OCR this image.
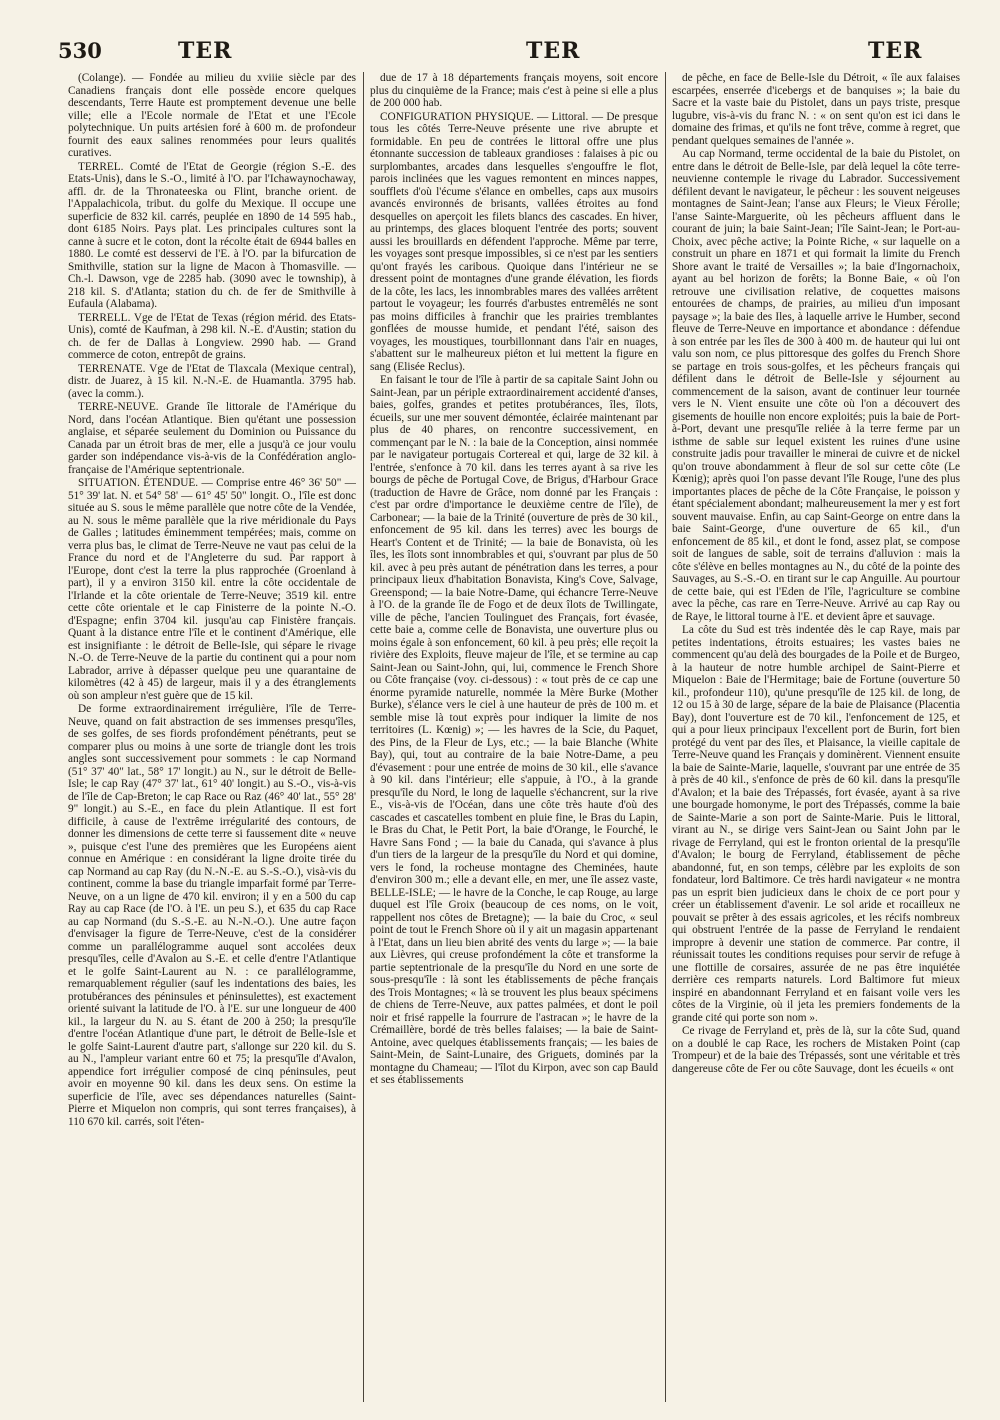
530	TER	TER	TER

(Colange). — Fondée au milieu du xviiie siècle par des Canadiens français dont elle possède encore quelques descendants, Terre Haute est promptement devenue une belle ville; elle a l'Ecole normale de l'Etat et une l'Ecole polytechnique. Un puits artésien foré à 600 m. de profondeur fournit des eaux salines renommées pour leurs qualités curatives.

TERREL. Comté de l'Etat de Georgie (région S.-E. des Etats-Unis), dans le S.-O., limité à l'O. par l'Ichawaynochaway, affl. dr. de la Thronateeska ou Flint, branche orient. de l'Appalachicola, tribut. du golfe du Mexique. Il occupe une superficie de 832 kil. carrés, peuplée en 1890 de 14 595 hab., dont 6185 Noirs. Pays plat. Les principales cultures sont la canne à sucre et le coton, dont la récolte était de 6944 balles en 1880. Le comté est desservi de l'E. à l'O. par la bifurcation de Smithville, station sur la ligne de Macon à Thomasville. — Ch.-l. Dawson, vge de 2285 hab. (3090 avec le township), à 218 kil. S. d'Atlanta; station du ch. de fer de Smithville à Eufaula (Alabama).

TERRELL. Vge de l'Etat de Texas (région mérid. des Etats-Unis), comté de Kaufman, à 298 kil. N.-E. d'Austin; station du ch. de fer de Dallas à Longview. 2990 hab. — Grand commerce de coton, entrepôt de grains.

TERRENATE. Vge de l'Etat de Tlaxcala (Mexique central), distr. de Juarez, à 15 kil. N.-N.-E. de Huamantla. 3795 hab. (avec la comm.).

TERRE-NEUVE. Grande île littorale de l'Amérique du Nord, dans l'océan Atlantique. Bien qu'étant une possession anglaise, et séparée seulement du Dominion ou Puissance du Canada par un étroit bras de mer, elle a jusqu'à ce jour voulu garder son indépendance vis-à-vis de la Confédération anglo-française de l'Amérique septentrionale.

SITUATION. ÉTENDUE. — Comprise entre 46° 36' 50" — 51° 39' lat. N. et 54° 58' — 61° 45' 50" longit. O., l'île est donc située au S. sous le même parallèle que notre côte de la Vendée, au N. sous le même parallèle que la rive méridionale du Pays de Galles ; latitudes éminemment tempérées; mais, comme on verra plus bas, le climat de Terre-Neuve ne vaut pas celui de la France du nord et de l'Angleterre du sud. Par rapport à l'Europe, dont c'est la terre la plus rapprochée (Groenland à part), il y a environ 3150 kil. entre la côte occidentale de l'Irlande et la côte orientale de Terre-Neuve; 3519 kil. entre cette côte orientale et le cap Finisterre de la pointe N.-O. d'Espagne; enfin 3704 kil. jusqu'au cap Finistère français. Quant à la distance entre l'île et le continent d'Amérique, elle est insignifiante : le détroit de Belle-Isle, qui sépare le rivage N.-O. de Terre-Neuve de la partie du continent qui a pour nom Labrador, arrive à dépasser quelque peu une quarantaine de kilomètres (42 à 45) de largeur, mais il y a des étranglements où son ampleur n'est guère que de 15 kil.

De forme extraordinairement irrégulière, l'île de Terre-Neuve, quand on fait abstraction de ses immenses presqu'îles, de ses golfes, de ses fiords profondément pénétrants, peut se comparer plus ou moins à une sorte de triangle dont les trois angles sont successivement pour sommets : le cap Normand (51° 37' 40" lat., 58° 17' longit.) au N., sur le détroit de Belle-Isle; le cap Ray (47° 37' lat., 61° 40' longit.) au S.-O., vis-à-vis de l'île de Cap-Breton; le cap Race ou Raz (46° 40' lat., 55° 28' 9" longit.) au S.-E., en face du plein Atlantique. Il est fort difficile, à cause de l'extrême irrégularité des contours, de donner les dimensions de cette terre si faussement dite « neuve », puisque c'est l'une des premières que les Européens aient connue en Amérique : en considérant la ligne droite tirée du cap Normand au cap Ray (du N.-N.-E. au S.-S.-O.), visà-vis du continent, comme la base du triangle imparfait formé par Terre-Neuve, on a un ligne de 470 kil. environ; il y en a 500 du cap Ray au cap Race (de l'O. à l'E. un peu S.), et 635 du cap Race au cap Normand (du S.-S.-E. au N.-N.-O.). Une autre façon d'envisager la figure de Terre-Neuve, c'est de la considérer comme un parallélogramme auquel sont accolées deux presqu'îles, celle d'Avalon au S.-E. et celle d'entre l'Atlantique et le golfe Saint-Laurent au N. : ce parallélogramme, remarquablement régulier (sauf les indentations des baies, les protubérances des péninsules et péninsulettes), est exactement orienté suivant la latitude de l'O. à l'E. sur une longueur de 400 kil., la largeur du N. au S. étant de 200 à 250; la presqu'île d'entre l'océan Atlantique d'une part, le détroit de Belle-Isle et le golfe Saint-Laurent d'autre part, s'allonge sur 220 kil. du S. au N., l'ampleur variant entre 60 et 75; la presqu'île d'Avalon, appendice fort irrégulier composé de cinq péninsules, peut avoir en moyenne 90 kil. dans les deux sens. On estime la superficie de l'île, avec ses dépendances naturelles (Saint-Pierre et Miquelon non compris, qui sont terres françaises), à 110 670 kil. carrés, soit l'éten-

due de 17 à 18 départements français moyens, soit encore plus du cinquième de la France; mais c'est à peine si elle a plus de 200 000 hab.

CONFIGURATION PHYSIQUE. — Littoral. — De presque tous les côtés Terre-Neuve présente une rive abrupte et formidable. En peu de contrées le littoral offre une plus étonnante succession de tableaux grandioses : falaises à pic ou surplombantes, arcades dans lesquelles s'engouffre le flot, parois inclinées que les vagues remontent en minces nappes, soufflets d'où l'écume s'élance en ombelles, caps aux musoirs avancés environnés de brisants, vallées étroites au fond desquelles on aperçoit les filets blancs des cascades. En hiver, au printemps, des glaces bloquent l'entrée des ports; souvent aussi les brouillards en défendent l'approche. Même par terre, les voyages sont presque impossibles, si ce n'est par les sentiers qu'ont frayés les caribous. Quoique dans l'intérieur ne se dressent point de montagnes d'une grande élévation, les fiords de la côte, les lacs, les innombrables mares des vallées arrêtent partout le voyageur; les fourrés d'arbustes entremêlés ne sont pas moins difficiles à franchir que les prairies tremblantes gonflées de mousse humide, et pendant l'été, saison des voyages, les moustiques, tourbillonnant dans l'air en nuages, s'abattent sur le malheureux piéton et lui mettent la figure en sang (Elisée Reclus).

En faisant le tour de l'île à partir de sa capitale Saint John ou Saint-Jean, par un périple extraordinairement accidenté d'anses, baies, golfes, grandes et petites protubérances, îles, îlots, écueils, sur une mer souvent démontée, éclairée maintenant par plus de 40 phares, on rencontre successivement, en commençant par le N. : la baie de la Conception, ainsi nommée par le navigateur portugais Cortereal et qui, large de 32 kil. à l'entrée, s'enfonce à 70 kil. dans les terres ayant à sa rive les bourgs de pêche de Portugal Cove, de Brigus, d'Harbour Grace (traduction de Havre de Grâce, nom donné par les Français : c'est par ordre d'importance le deuxième centre de l'île), de Carbonear; — la baie de la Trinité (ouverture de près de 30 kil., enfoncement de 95 kil. dans les terres) avec les bourgs de Heart's Content et de Trinité; — la baie de Bonavista, où les îles, les îlots sont innombrables et qui, s'ouvrant par plus de 50 kil. avec à peu près autant de pénétration dans les terres, a pour principaux lieux d'habitation Bonavista, King's Cove, Salvage, Greenspond; — la baie Notre-Dame, qui échancre Terre-Neuve à l'O. de la grande île de Fogo et de deux îlots de Twillingate, ville de pêche, l'ancien Toulinguet des Français, fort évasée, cette baie a, comme celle de Bonavista, une ouverture plus ou moins égale à son enfoncement, 60 kil. à peu près; elle reçoit la rivière des Exploits, fleuve majeur de l'île, et se termine au cap Saint-Jean ou Saint-John, qui, lui, commence le French Shore ou Côte française (voy. ci-dessous) : « tout près de ce cap une énorme pyramide naturelle, nommée la Mère Burke (Mother Burke), s'élance vers le ciel à une hauteur de près de 100 m. et semble mise là tout exprès pour indiquer la limite de nos territoires (L. Kœnig) »; — les havres de la Scie, du Paquet, des Pins, de la Fleur de Lys, etc.; — la baie Blanche (White Bay), qui, tout au contraire de la baie Notre-Dame, a peu d'évasement : pour une entrée de moins de 30 kil., elle s'avance à 90 kil. dans l'intérieur; elle s'appuie, à l'O., à la grande presqu'île du Nord, le long de laquelle s'échancrent, sur la rive E., vis-à-vis de l'Océan, dans une côte très haute d'où des cascades et cascatelles tombent en pluie fine, le Bras du Lapin, le Bras du Chat, le Petit Port, la baie d'Orange, le Fourché, le Havre Sans Fond ; — la baie du Canada, qui s'avance à plus d'un tiers de la largeur de la presqu'île du Nord et qui domine, vers le fond, la rocheuse montagne des Cheminées, haute d'environ 300 m.; elle a devant elle, en mer, une île assez vaste, BELLE-ISLE; — le havre de la Conche, le cap Rouge, au large duquel est l'île Groix (beaucoup de ces noms, on le voit, rappellent nos côtes de Bretagne); — la baie du Croc, « seul point de tout le French Shore où il y ait un magasin appartenant à l'Etat, dans un lieu bien abrité des vents du large »; — la baie aux Lièvres, qui creuse profondément la côte et transforme la partie septentrionale de la presqu'île du Nord en une sorte de sous-presqu'île : là sont les établissements de pêche français des Trois Montagnes; « là se trouvent les plus beaux spécimens de chiens de Terre-Neuve, aux pattes palmées, et dont le poil noir et frisé rappelle la fourrure de l'astracan »; le havre de la Crémaillère, bordé de très belles falaises; — la baie de Saint-Antoine, avec quelques établissements français; — les baies de Saint-Mein, de Saint-Lunaire, des Griguets, dominés par la montagne du Chameau; — l'îlot du Kirpon, avec son cap Bauld et ses établissements

de pêche, en face de Belle-Isle du Détroit, « île aux falaises escarpées, enserrée d'icebergs et de banquises »; la baie du Sacre et la vaste baie du Pistolet, dans un pays triste, presque lugubre, vis-à-vis du franc N. : « on sent qu'on est ici dans le domaine des frimas, et qu'ils ne font trêve, comme à regret, que pendant quelques semaines de l'année ».

Au cap Normand, terme occidental de la baie du Pistolet, on entre dans le détroit de Belle-Isle, par delà lequel la côte terre-neuvienne contemple le rivage du Labrador. Successivement défilent devant le navigateur, le pêcheur : les souvent neigeuses montagnes de Saint-Jean; l'anse aux Fleurs; le Vieux Férolle; l'anse Sainte-Marguerite, où les pêcheurs affluent dans le courant de juin; la baie Saint-Jean; l'île Saint-Jean; le Port-au-Choix, avec pêche active; la Pointe Riche, « sur laquelle on a construit un phare en 1871 et qui formait la limite du French Shore avant le traité de Versailles »; la baie d'Ingornachoix, ayant au bel horizon de forêts; la Bonne Baie, « où l'on retrouve une civilisation relative, de coquettes maisons entourées de champs, de prairies, au milieu d'un imposant paysage »; la baie des Iles, à laquelle arrive le Humber, second fleuve de Terre-Neuve en importance et abondance : défendue à son entrée par les îles de 300 à 400 m. de hauteur qui lui ont valu son nom, ce plus pittoresque des golfes du French Shore se partage en trois sous-golfes, et les pêcheurs français qui défilent dans le détroit de Belle-Isle y séjournent au commencement de la saison, avant de continuer leur tournée vers le N. Vient ensuite une côte où l'on a découvert des gisements de houille non encore exploités; puis la baie de Port-à-Port, devant une presqu'île reliée à la terre ferme par un isthme de sable sur lequel existent les ruines d'une usine construite jadis pour travailler le minerai de cuivre et de nickel qu'on trouve abondamment à fleur de sol sur cette côte (Le Kœnig); après quoi l'on passe devant l'île Rouge, l'une des plus importantes places de pêche de la Côte Française, le poisson y étant spécialement abondant; malheureusement la mer y est fort souvent mauvaise. Enfin, au cap Saint-George on entre dans la baie Saint-George, d'une ouverture de 65 kil., d'un enfoncement de 85 kil., et dont le fond, assez plat, se compose soit de langues de sable, soit de terrains d'alluvion : mais la côte s'élève en belles montagnes au N., du côté de la pointe des Sauvages, au S.-S.-O. en tirant sur le cap Anguille. Au pourtour de cette baie, qui est l'Eden de l'île, l'agriculture se combine avec la pêche, cas rare en Terre-Neuve. Arrivé au cap Ray ou de Raye, le littoral tourne à l'E. et devient âpre et sauvage.

La côte du Sud est très indentée dès le cap Raye, mais par petites indentations, étroits estuaires; les vastes baies ne commencent qu'au delà des bourgades de la Poile et de Burgeo, à la hauteur de notre humble archipel de Saint-Pierre et Miquelon : Baie de l'Hermitage; baie de Fortune (ouverture 50 kil., profondeur 110), qu'une presqu'île de 125 kil. de long, de 12 ou 15 à 30 de large, sépare de la baie de Plaisance (Placentia Bay), dont l'ouverture est de 70 kil., l'enfoncement de 125, et qui a pour lieux principaux l'excellent port de Burin, fort bien protégé du vent par des îles, et Plaisance, la vieille capitale de Terre-Neuve quand les Français y dominèrent. Viennent ensuite la baie de Sainte-Marie, laquelle, s'ouvrant par une entrée de 35 à près de 40 kil., s'enfonce de près de 60 kil. dans la presqu'île d'Avalon; et la baie des Trépassés, fort évasée, ayant à sa rive une bourgade homonyme, le port des Trépassés, comme la baie de Sainte-Marie a son port de Sainte-Marie. Puis le littoral, virant au N., se dirige vers Saint-Jean ou Saint John par le rivage de Ferryland, qui est le fronton oriental de la presqu'île d'Avalon; le bourg de Ferryland, établissement de pêche abandonné, fut, en son temps, célèbre par les exploits de son fondateur, lord Baltimore. Ce très hardi navigateur « ne montra pas un esprit bien judicieux dans le choix de ce port pour y créer un établissement d'avenir. Le sol aride et rocailleux ne pouvait se prêter à des essais agricoles, et les récifs nombreux qui obstruent l'entrée de la passe de Ferryland le rendaient impropre à devenir une station de commerce. Par contre, il réunissait toutes les conditions requises pour servir de refuge à une flottille de corsaires, assurée de ne pas être inquiétée derrière ces remparts naturels. Lord Baltimore fut mieux inspiré en abandonnant Ferryland et en faisant voile vers les côtes de la Virginie, où il jeta les premiers fondements de la grande cité qui porte son nom ».

Ce rivage de Ferryland et, près de là, sur la côte Sud, quand on a doublé le cap Race, les rochers de Mistaken Point (cap Trompeur) et de la baie des Trépassés, sont une véritable et très dangereuse côte de Fer ou côte Sauvage, dont les écueils « ont
